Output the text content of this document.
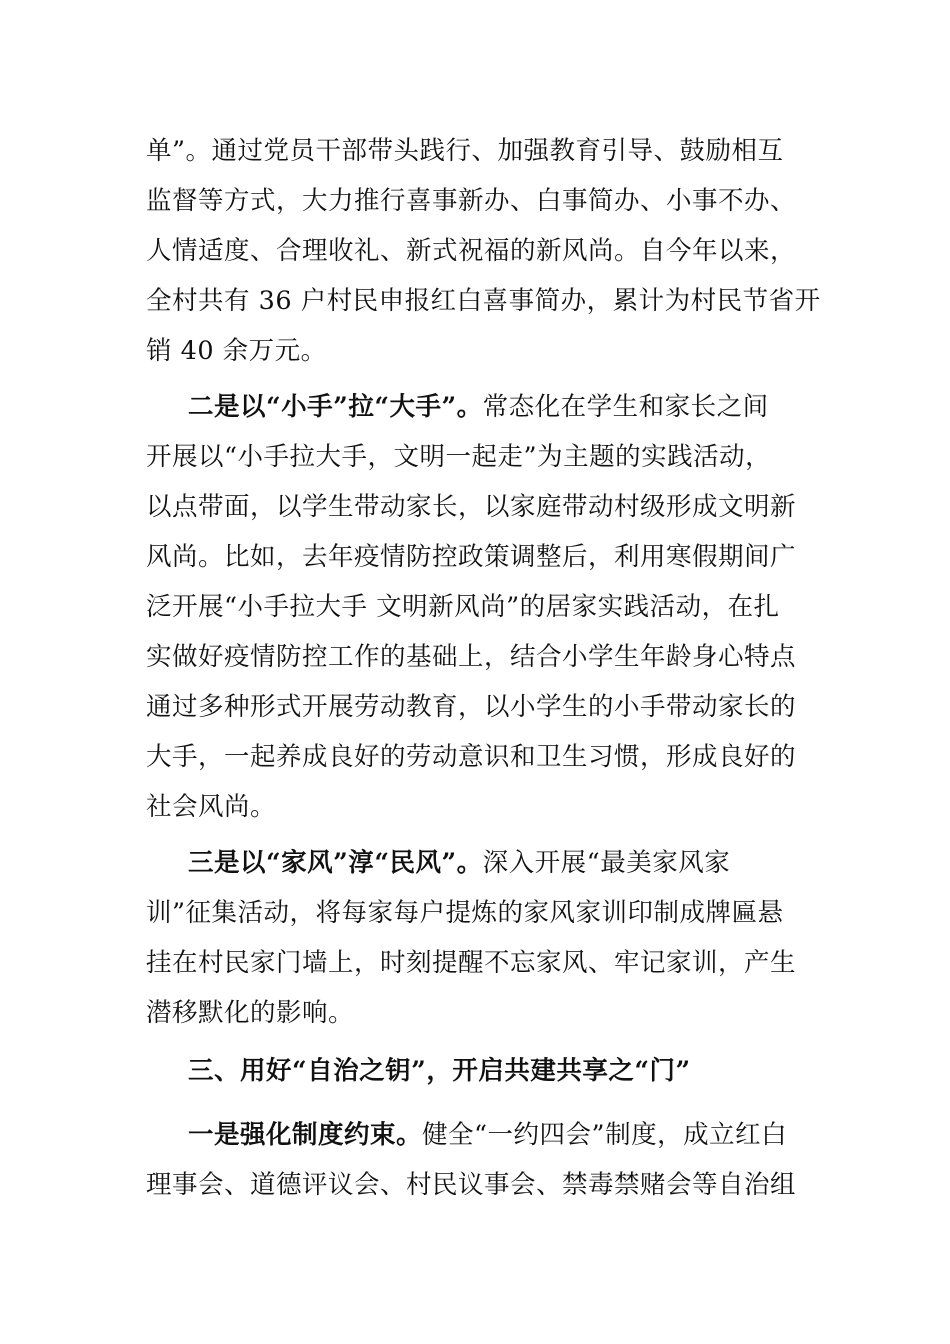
单”。通过党员干部带头践行、加强教育引导、鼓励相互
监督等方式，大力推行喜事新办、白事简办、小事不办、
人情适度、合理收礼、新式祝福的新风尚。自今年以来，
全村共有 36 户村民申报红白喜事简办，累计为村民节省开
销 40 余万元。
二是以“小手”拉“大手”。常态化在学生和家长之间
开展以“小手拉大手，文明一起走”为主题的实践活动，
以点带面，以学生带动家长，以家庭带动村级形成文明新
风尚。比如，去年疫情防控政策调整后，利用寒假期间广
泛开展“小手拉大手 文明新风尚”的居家实践活动，在扎
实做好疫情防控工作的基础上，结合小学生年龄身心特点
通过多种形式开展劳动教育，以小学生的小手带动家长的
大手，一起养成良好的劳动意识和卫生习惯，形成良好的
社会风尚。
三是以“家风”淳“民风”。深入开展“最美家风家
训”征集活动，将每家每户提炼的家风家训印制成牌匾悬
挂在村民家门墙上，时刻提醒不忘家风、牢记家训，产生
潜移默化的影响。
三、用好“自治之钥”，开启共建共享之“门”
一是强化制度约束。健全“一约四会”制度，成立红白
理事会、道德评议会、村民议事会、禁毒禁赌会等自治组
